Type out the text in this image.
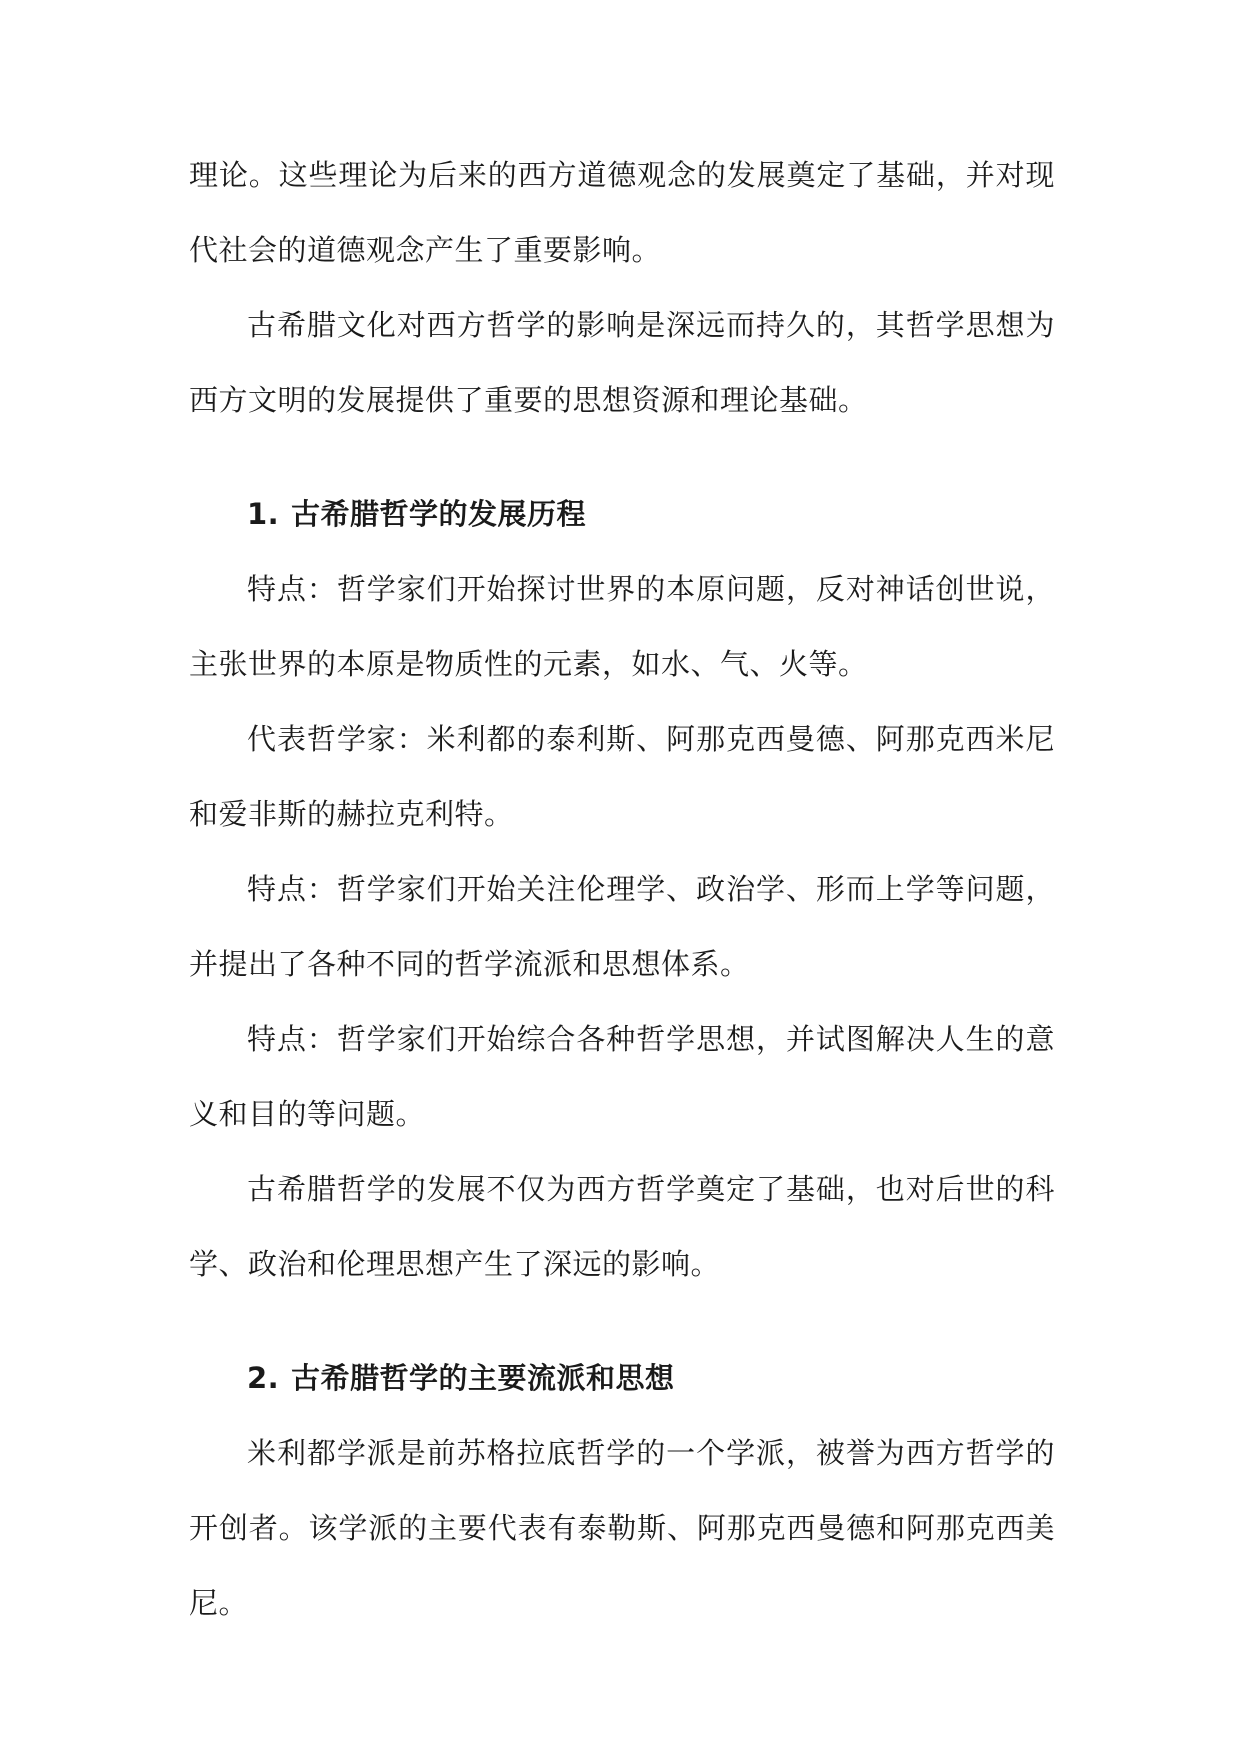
理论。这些理论为后来的西方道德观念的发展奠定了基础，并对现代社会的道德观念产生了重要影响。

古希腊文化对西方哲学的影响是深远而持久的，其哲学思想为西方文明的发展提供了重要的思想资源和理论基础。

1. 古希腊哲学的发展历程

特点：哲学家们开始探讨世界的本原问题，反对神话创世说，主张世界的本原是物质性的元素，如水、气、火等。

代表哲学家：米利都的泰利斯、阿那克西曼德、阿那克西米尼和爱非斯的赫拉克利特。

特点：哲学家们开始关注伦理学、政治学、形而上学等问题，并提出了各种不同的哲学流派和思想体系。

特点：哲学家们开始综合各种哲学思想，并试图解决人生的意义和目的等问题。

古希腊哲学的发展不仅为西方哲学奠定了基础，也对后世的科学、政治和伦理思想产生了深远的影响。

2. 古希腊哲学的主要流派和思想

米利都学派是前苏格拉底哲学的一个学派，被誉为西方哲学的开创者。该学派的主要代表有泰勒斯、阿那克西曼德和阿那克西美尼。
